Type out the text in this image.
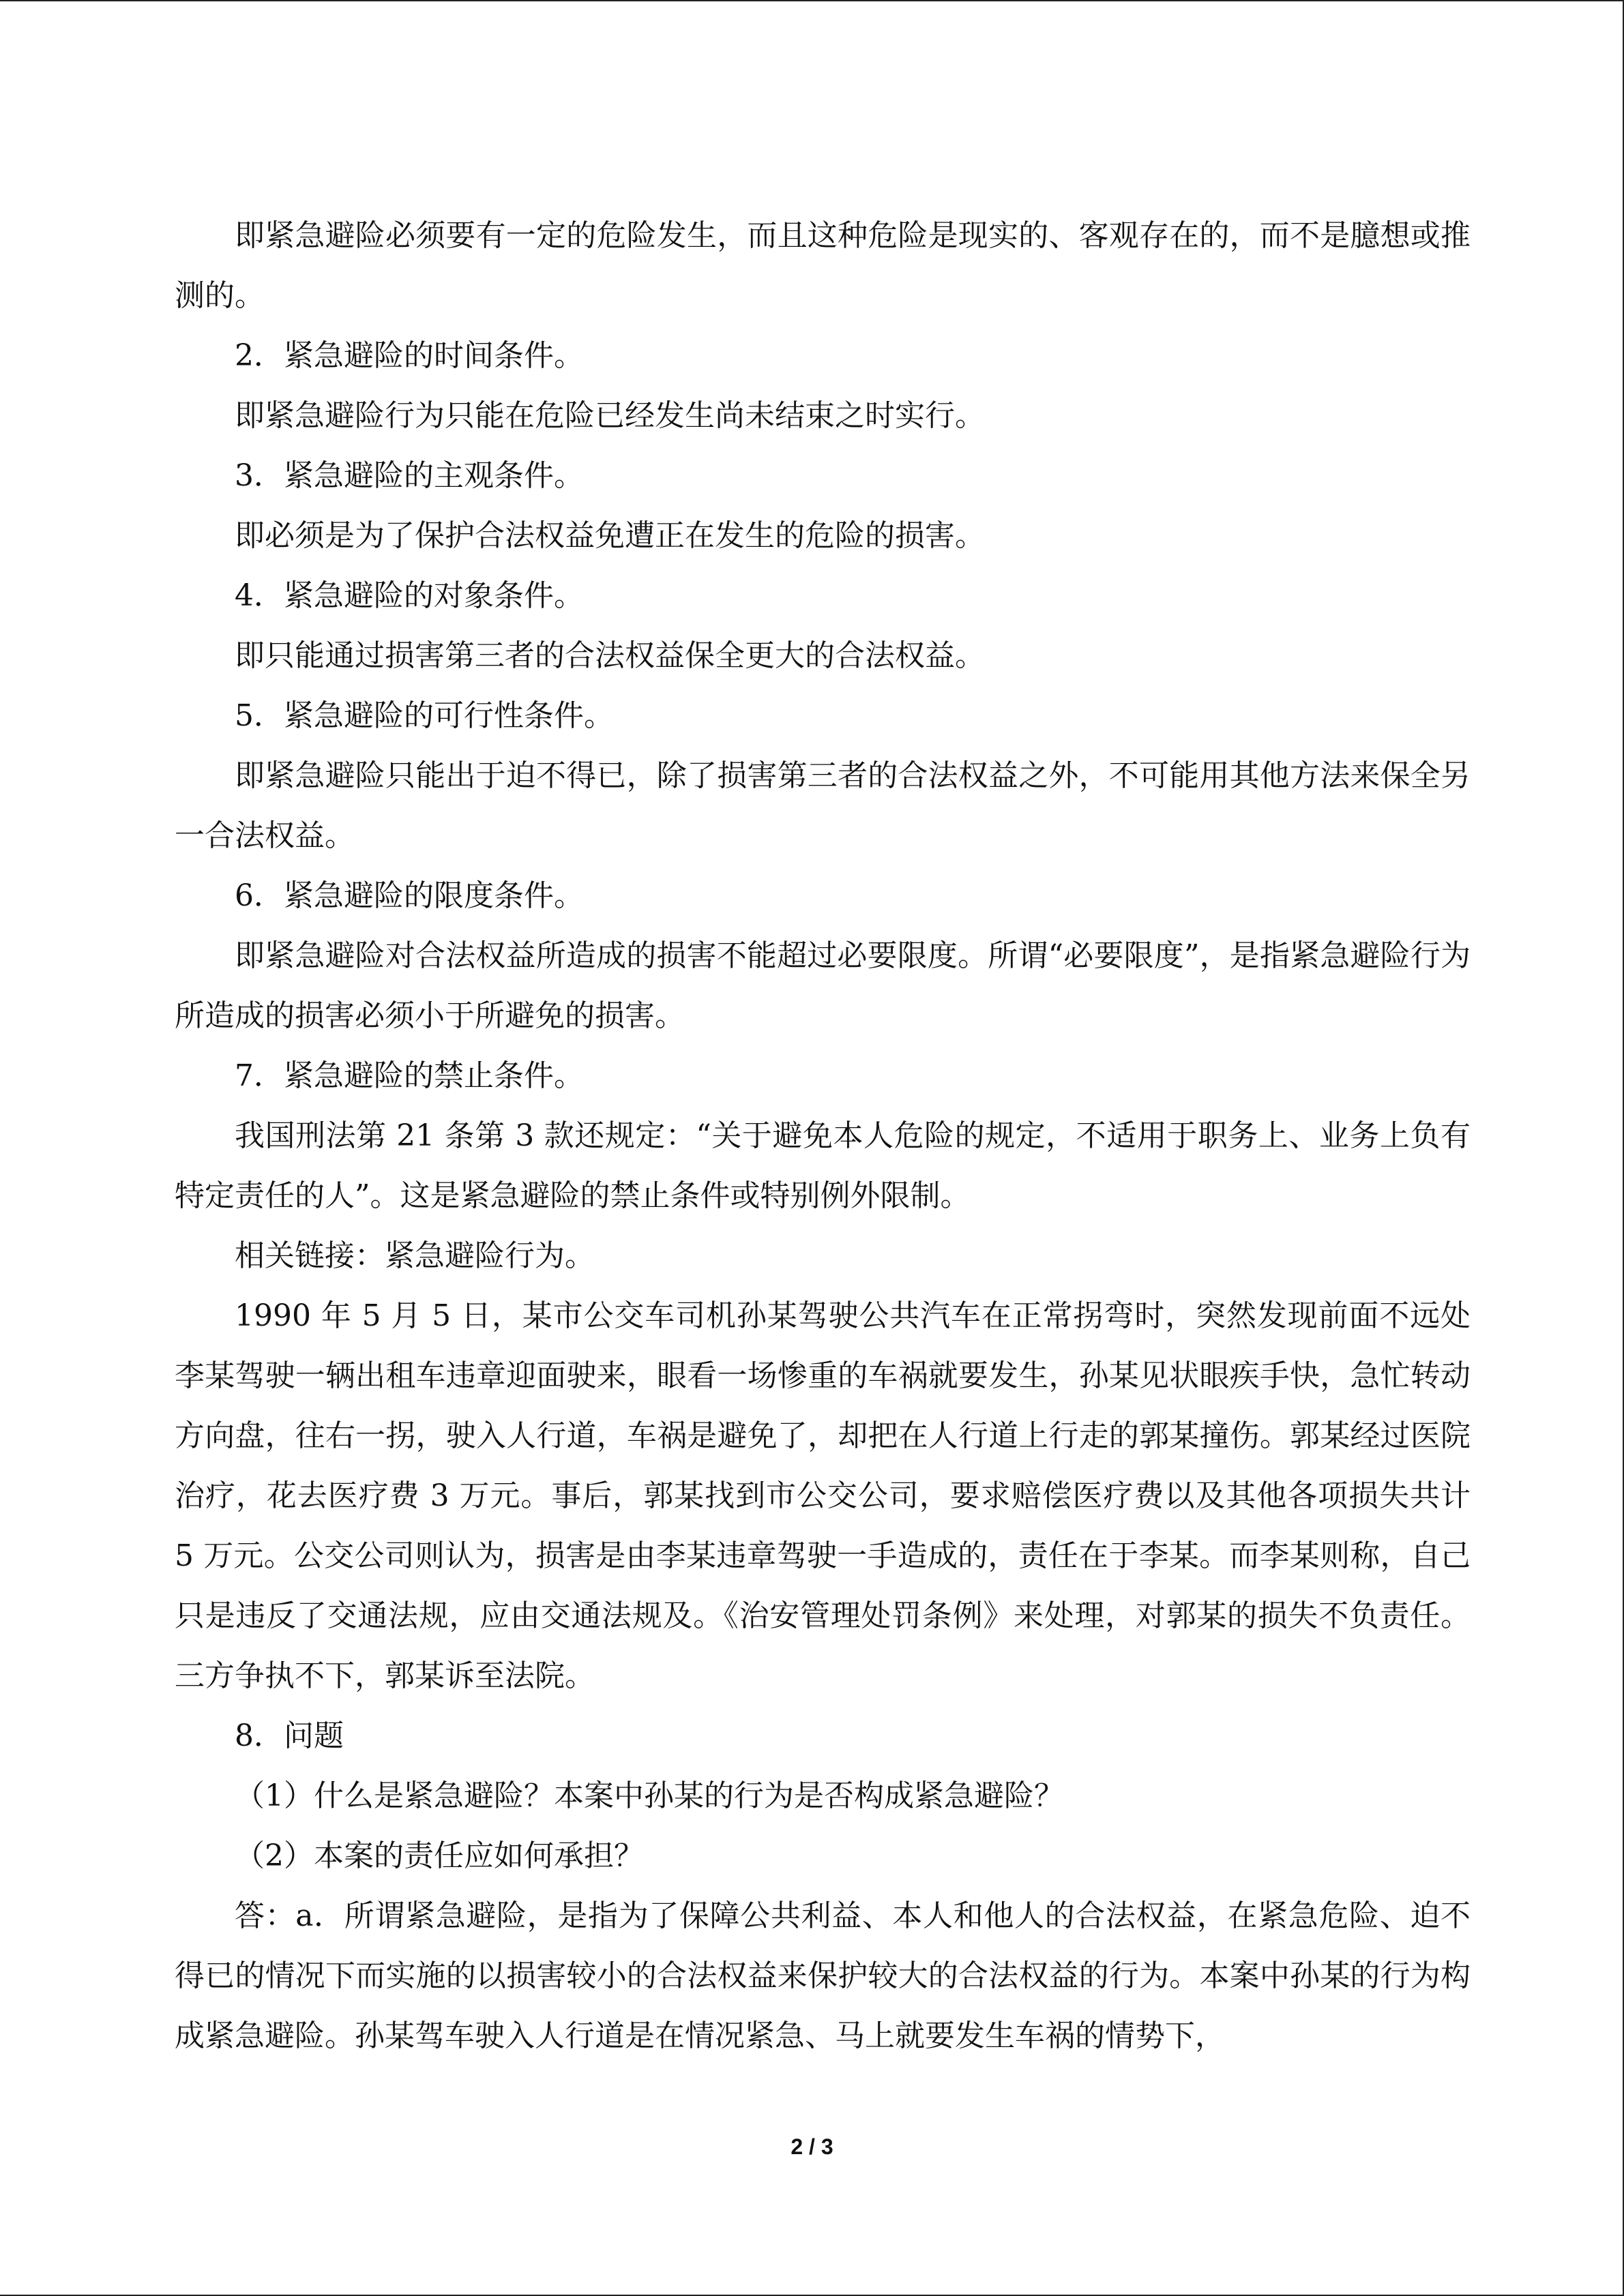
即紧急避险必须要有一定的危险发生，而且这种危险是现实的、客观存在的，而不是臆想或推测的。

2．紧急避险的时间条件。

即紧急避险行为只能在危险已经发生尚未结束之时实行。

3．紧急避险的主观条件。

即必须是为了保护合法权益免遭正在发生的危险的损害。

4．紧急避险的对象条件。

即只能通过损害第三者的合法权益保全更大的合法权益。

5．紧急避险的可行性条件。

即紧急避险只能出于迫不得已，除了损害第三者的合法权益之外，不可能用其他方法来保全另一合法权益。

6．紧急避险的限度条件。

即紧急避险对合法权益所造成的损害不能超过必要限度。所谓“必要限度”，是指紧急避险行为所造成的损害必须小于所避免的损害。

7．紧急避险的禁止条件。

我国刑法第 21 条第 3 款还规定：“关于避免本人危险的规定，不适用于职务上、业务上负有特定责任的人”。这是紧急避险的禁止条件或特别例外限制。

相关链接：紧急避险行为。

1990 年 5 月 5 日，某市公交车司机孙某驾驶公共汽车在正常拐弯时，突然发现前面不远处李某驾驶一辆出租车违章迎面驶来，眼看一场惨重的车祸就要发生，孙某见状眼疾手快，急忙转动方向盘，往右一拐，驶入人行道，车祸是避免了，却把在人行道上行走的郭某撞伤。郭某经过医院治疗，花去医疗费 3 万元。事后，郭某找到市公交公司，要求赔偿医疗费以及其他各项损失共计 5 万元。公交公司则认为，损害是由李某违章驾驶一手造成的，责任在于李某。而李某则称，自己只是违反了交通法规，应由交通法规及。《治安管理处罚条例》来处理，对郭某的损失不负责任。三方争执不下，郭某诉至法院。

8．问题

（1）什么是紧急避险？本案中孙某的行为是否构成紧急避险？

（2）本案的责任应如何承担？

答：a．所谓紧急避险，是指为了保障公共利益、本人和他人的合法权益，在紧急危险、迫不得已的情况下而实施的以损害较小的合法权益来保护较大的合法权益的行为。本案中孙某的行为构成紧急避险。孙某驾车驶入人行道是在情况紧急、马上就要发生车祸的情势下，

2 / 3
